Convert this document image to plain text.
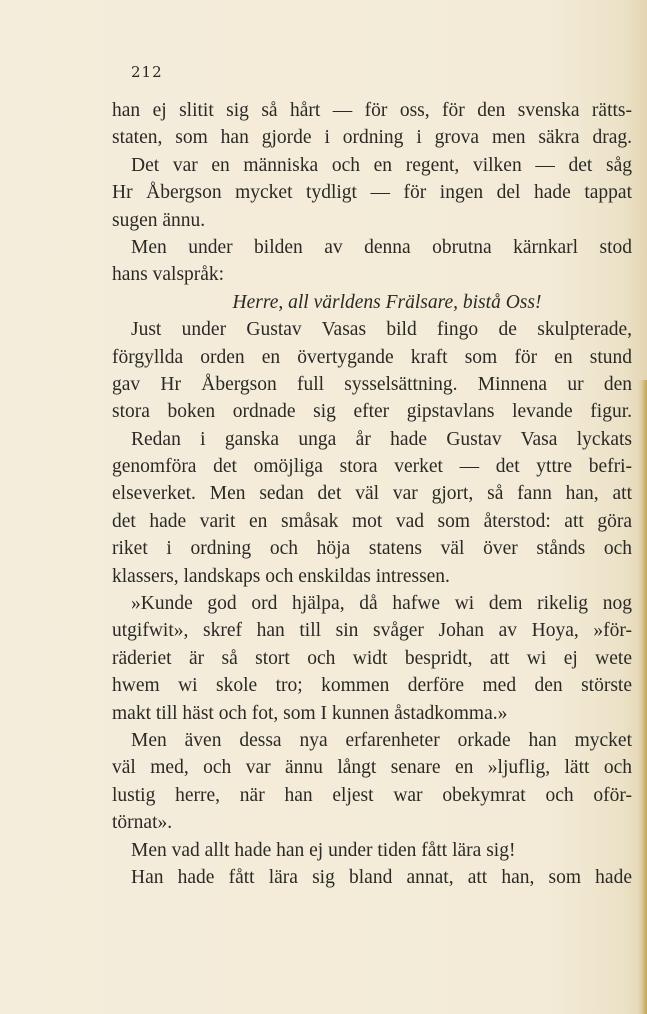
212
han ej slitit sig så hårt — för oss, för den svenska rätts-
staten, som han gjorde i ordning i grova men säkra drag.
Det var en människa och en regent, vilken — det såg
Hr Åbergson mycket tydligt — för ingen del hade tappat
sugen ännu.
Men under bilden av denna obrutna kärnkarl stod
hans valspråk:
Herre, all världens Frälsare, bistå Oss!
Just under Gustav Vasas bild fingo de skulpterade,
förgyllda orden en övertygande kraft som för en stund
gav Hr Åbergson full sysselsättning. Minnena ur den
stora boken ordnade sig efter gipstavlans levande figur.
Redan i ganska unga år hade Gustav Vasa lyckats
genomföra det omöjliga stora verket — det yttre befri-
elseverket. Men sedan det väl var gjort, så fann han, att
det hade varit en småsak mot vad som återstod: att göra
riket i ordning och höja statens väl över stånds och
klassers, landskaps och enskildas intressen.
»Kunde god ord hjälpa, då hafwe wi dem rikelig nog
utgifwit», skref han till sin svåger Johan av Hoya, »för-
räderiet är så stort och widt bespridt, att wi ej wete
hwem wi skole tro; kommen derföre med den störste
makt till häst och fot, som I kunnen åstadkomma.»
Men även dessa nya erfarenheter orkade han mycket
väl med, och var ännu långt senare en »ljuflig, lätt och
lustig herre, när han eljest war obekymrat och oför-
törnat».
Men vad allt hade han ej under tiden fått lära sig!
Han hade fått lära sig bland annat, att han, som hade
